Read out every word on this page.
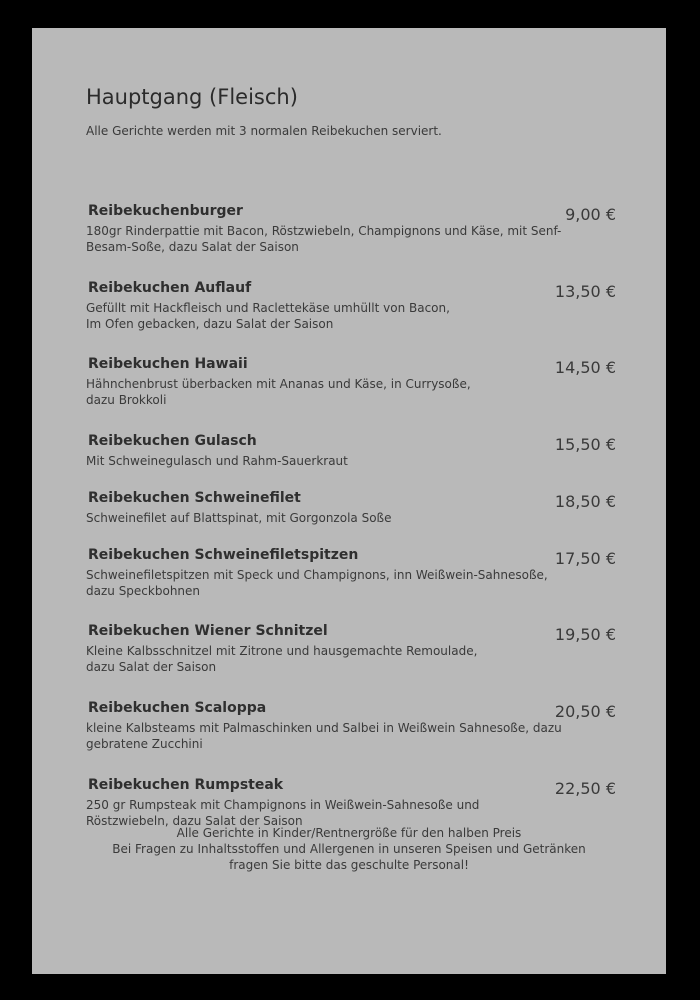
Hauptgang (Fleisch)
Alle Gerichte werden mit 3 normalen Reibekuchen serviert.
Reibekuchenburger	9,00 €
180gr Rinderpattie mit Bacon, Röstzwiebeln, Champignons und Käse, mit Senf-
Besam-Soße, dazu Salat der Saison
Reibekuchen Auflauf	13,50 €
Gefüllt mit Hackfleisch und Raclettekäse umhüllt von Bacon,
Im Ofen gebacken, dazu Salat der Saison
Reibekuchen Hawaii	14,50 €
Hähnchenbrust überbacken mit Ananas und Käse, in Currysoße,
dazu Brokkoli
Reibekuchen Gulasch	15,50 €
Mit Schweinegulasch und Rahm-Sauerkraut
Reibekuchen Schweinefilet	18,50 €
Schweinefilet auf Blattspinat, mit Gorgonzola Soße
Reibekuchen Schweinefiletspitzen	17,50 €
Schweinefiletspitzen mit Speck und Champignons, inn Weißwein-Sahnesoße,
dazu Speckbohnen
Reibekuchen Wiener Schnitzel	19,50 €
Kleine Kalbsschnitzel mit Zitrone und hausgemachte Remoulade,
dazu Salat der Saison
Reibekuchen Scaloppa	20,50 €
kleine Kalbsteams mit Palmaschinken und Salbei in Weißwein Sahnesoße, dazu
gebratene Zucchini
Reibekuchen Rumpsteak	22,50 €
250 gr Rumpsteak mit Champignons in Weißwein-Sahnesoße und
Röstzwiebeln, dazu Salat der Saison
Alle Gerichte in Kinder/Rentnergröße für den halben Preis
Bei Fragen zu Inhaltsstoffen und Allergenen in unseren Speisen und Getränken
fragen Sie bitte das geschulte Personal!
